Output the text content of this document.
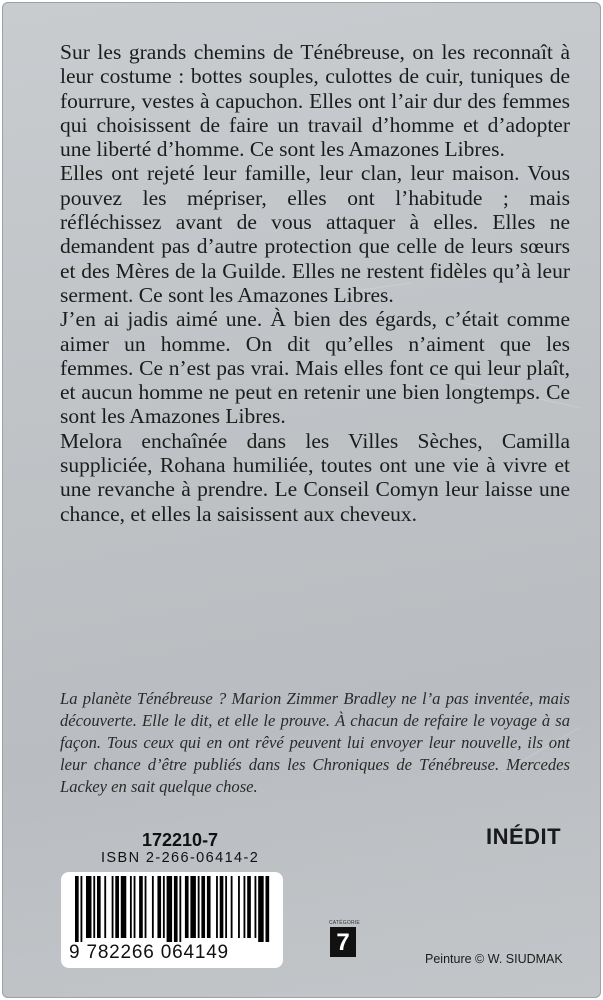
Sur les grands chemins de Ténébreuse, on les reconnaît à leur costume : bottes souples, culottes de cuir, tuniques de fourrure, vestes à capuchon. Elles ont l’air dur des femmes qui choisissent de faire un travail d’homme et d’adopter une liberté d’homme. Ce sont les Amazones Libres.

Elles ont rejeté leur famille, leur clan, leur maison. Vous pouvez les mépriser, elles ont l’habitude ; mais réfléchissez avant de vous attaquer à elles. Elles ne demandent pas d’autre protection que celle de leurs sœurs et des Mères de la Guilde. Elles ne restent fidèles qu’à leur serment. Ce sont les Amazones Libres.

J’en ai jadis aimé une. À bien des égards, c’était comme aimer un homme. On dit qu’elles n’aiment que les femmes. Ce n’est pas vrai. Mais elles font ce qui leur plaît, et aucun homme ne peut en retenir une bien longtemps. Ce sont les Amazones Libres.

Melora enchaînée dans les Villes Sèches, Camilla suppliciée, Rohana humiliée, toutes ont une vie à vivre et une revanche à prendre. Le Conseil Comyn leur laisse une chance, et elles la saisissent aux cheveux.

La planète Ténébreuse ? Marion Zimmer Bradley ne l’a pas inventée, mais découverte. Elle le dit, et elle le prouve. À chacun de refaire le voyage à sa façon. Tous ceux qui en ont rêvé peuvent lui envoyer leur nouvelle, ils ont leur chance d’être publiés dans les Chroniques de Ténébreuse. Mercedes Lackey en sait quelque chose.
172210-7
ISBN 2-266-06414-2
INÉDIT
9 782266 064149
CATÉGORIE
7
Peinture © W. SIUDMAK
